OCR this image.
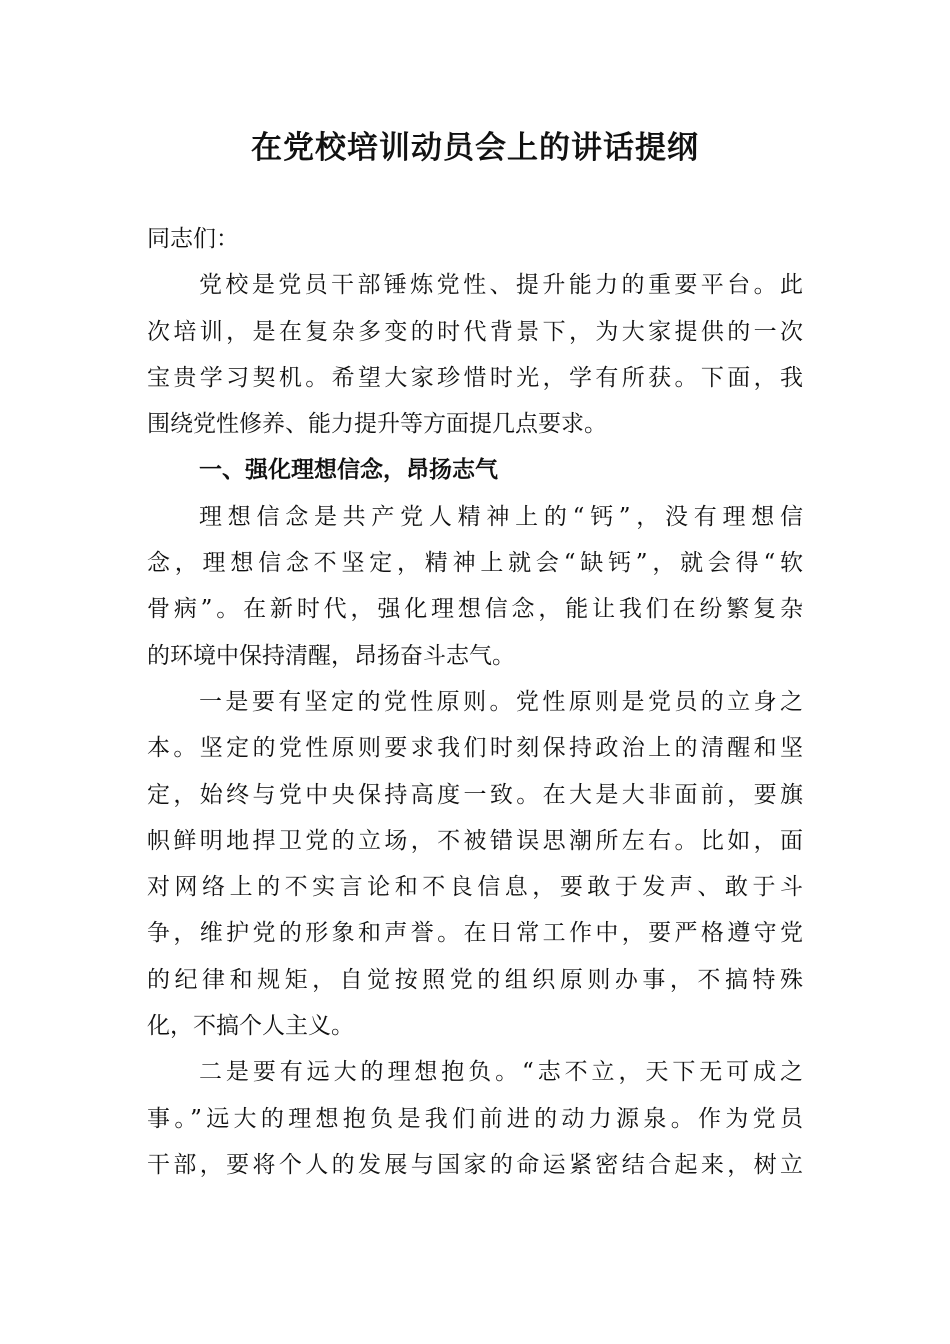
在党校培训动员会上的讲话提纲
同志们：
党校是党员干部锤炼党性、提升能力的重要平台。此
次培训，是在复杂多变的时代背景下，为大家提供的一次
宝贵学习契机。希望大家珍惜时光，学有所获。下面，我
围绕党性修养、能力提升等方面提几点要求。
一、强化理想信念，昂扬志气
理想信念是共产党人精神上的“钙”，没有理想信
念，理想信念不坚定，精神上就会“缺钙”，就会得“软
骨病”。在新时代，强化理想信念，能让我们在纷繁复杂
的环境中保持清醒，昂扬奋斗志气。
一是要有坚定的党性原则。党性原则是党员的立身之
本。坚定的党性原则要求我们时刻保持政治上的清醒和坚
定，始终与党中央保持高度一致。在大是大非面前，要旗
帜鲜明地捍卫党的立场，不被错误思潮所左右。比如，面
对网络上的不实言论和不良信息，要敢于发声、敢于斗
争，维护党的形象和声誉。在日常工作中，要严格遵守党
的纪律和规矩，自觉按照党的组织原则办事，不搞特殊
化，不搞个人主义。
二是要有远大的理想抱负。“志不立，天下无可成之
事。”远大的理想抱负是我们前进的动力源泉。作为党员
干部，要将个人的发展与国家的命运紧密结合起来，树立
